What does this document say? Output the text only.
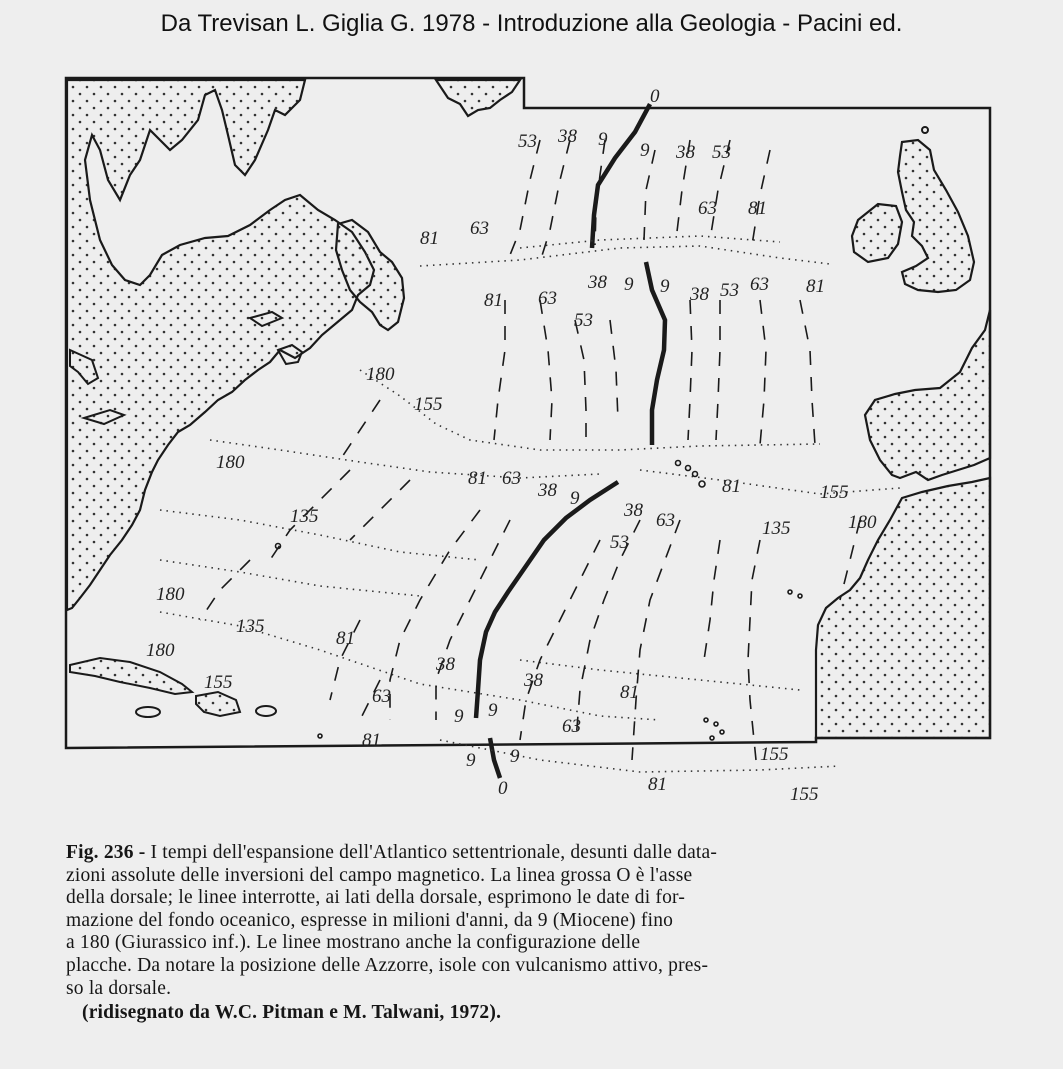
Da Trevisan L. Giglia G. 1978 - Introduzione alla Geologia - Pacini ed.
0
53 38 9
9 38 53
81 63
63 81
81 63
53
38 9 9 38 53 63 81
180
155
180
81 63
38 9
38 63
53
81	155
135	180
135
180
135
81
180
155
38
63
38
81
9 9
63
81
9 9
0	81
155
155
Fig. 236 - I tempi dell'espansione dell'Atlantico settentrionale, desunti dalle data-
zioni assolute delle inversioni del campo magnetico. La linea grossa O è l'asse
della dorsale; le linee interrotte, ai lati della dorsale, esprimono le date di for-
mazione del fondo oceanico, espresse in milioni d'anni, da 9 (Miocene) fino
a 180 (Giurassico inf.). Le linee mostrano anche la configurazione delle
placche. Da notare la posizione delle Azzorre, isole con vulcanismo attivo, pres-
so la dorsale.
(ridisegnato da W.C. Pitman e M. Talwani, 1972).
